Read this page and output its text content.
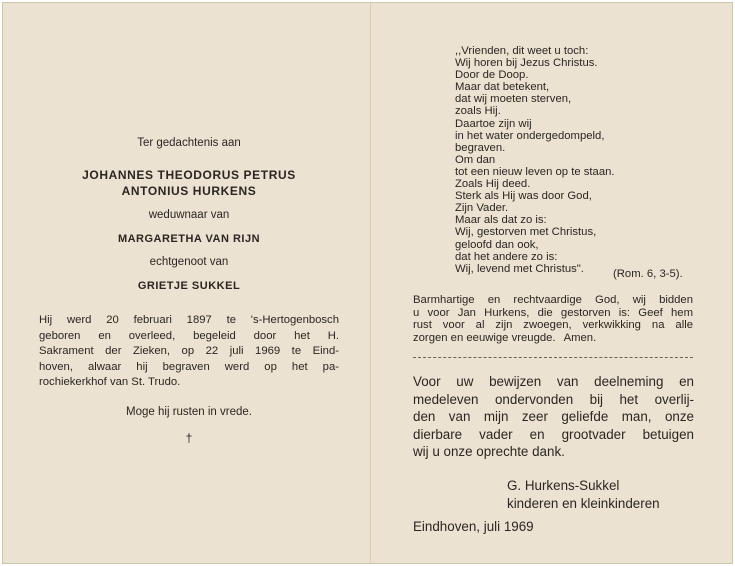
Ter gedachtenis aan
JOHANNES THEODORUS PETRUS
ANTONIUS HURKENS
weduwnaar van
MARGARETHA VAN RIJN
echtgenoot van
GRIETJE SUKKEL
Hij werd 20 februari 1897 te 's-Hertogenbosch
geboren en overleed, begeleid door het H.
Sakrament der Zieken, op 22 juli 1969 te Eind-
hoven, alwaar hij begraven werd op het pa-
rochiekerkhof van St. Trudo.
Moge hij rusten in vrede.
†
,,Vrienden, dit weet u toch:
Wij horen bij Jezus Christus.
Door de Doop.
Maar dat betekent,
dat wij moeten sterven,
zoals Hij.
Daartoe zijn wij
in het water ondergedompeld,
begraven.
Om dan
tot een nieuw leven op te staan.
Zoals Hij deed.
Sterk als Hij was door God,
Zijn Vader.
Maar als dat zo is:
Wij, gestorven met Christus,
geloofd dan ook,
dat het andere zo is:
Wij, levend met Christus".	(Rom. 6, 3-5).
Barmhartige en rechtvaardige God, wij bidden
u voor Jan Hurkens, die gestorven is: Geef hem
rust voor al zijn zwoegen, verkwikking na alle
zorgen en eeuwige vreugde. Amen.
Voor uw bewijzen van deelneming en
medeleven ondervonden bij het overlij-
den van mijn zeer geliefde man, onze
dierbare vader en grootvader betuigen
wij u onze oprechte dank.
G. Hurkens-Sukkel
kinderen en kleinkinderen
Eindhoven, juli 1969
